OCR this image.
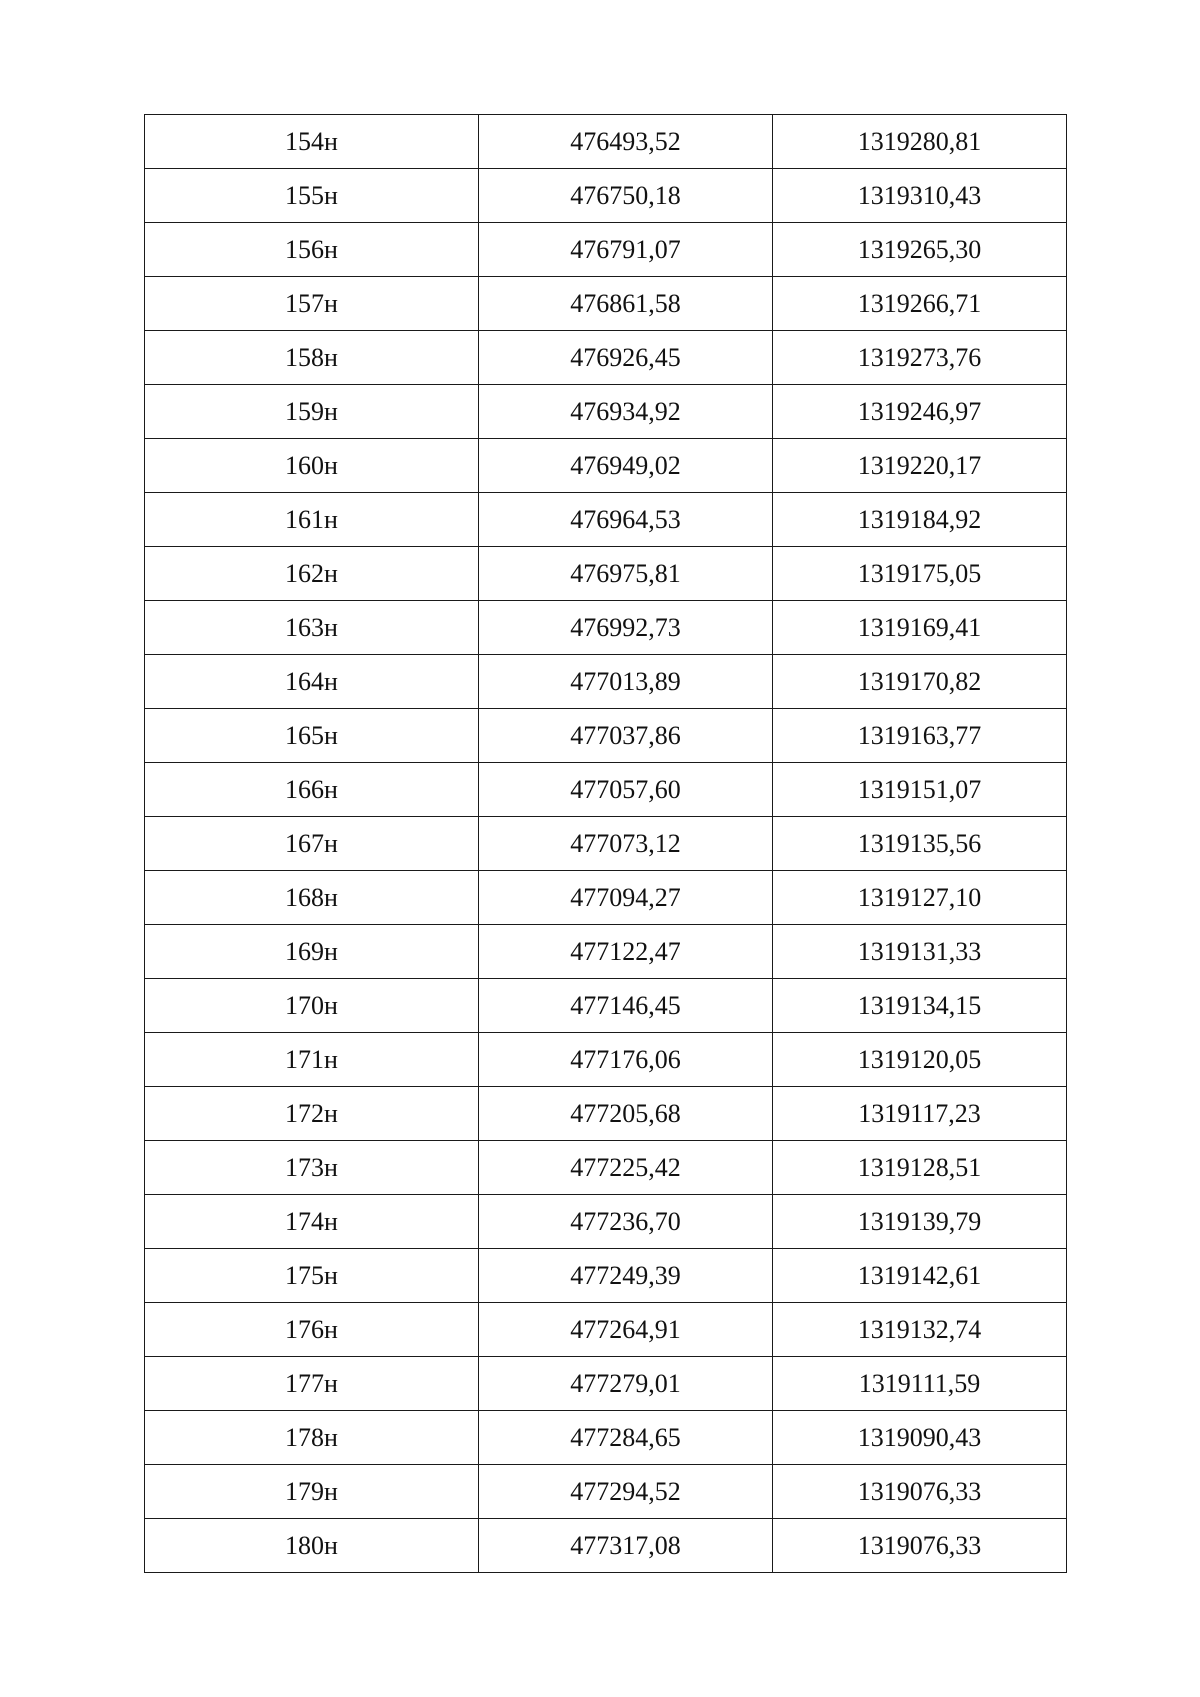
154н	476493,52	1319280,81
155н	476750,18	1319310,43
156н	476791,07	1319265,30
157н	476861,58	1319266,71
158н	476926,45	1319273,76
159н	476934,92	1319246,97
160н	476949,02	1319220,17
161н	476964,53	1319184,92
162н	476975,81	1319175,05
163н	476992,73	1319169,41
164н	477013,89	1319170,82
165н	477037,86	1319163,77
166н	477057,60	1319151,07
167н	477073,12	1319135,56
168н	477094,27	1319127,10
169н	477122,47	1319131,33
170н	477146,45	1319134,15
171н	477176,06	1319120,05
172н	477205,68	1319117,23
173н	477225,42	1319128,51
174н	477236,70	1319139,79
175н	477249,39	1319142,61
176н	477264,91	1319132,74
177н	477279,01	1319111,59
178н	477284,65	1319090,43
179н	477294,52	1319076,33
180н	477317,08	1319076,33
